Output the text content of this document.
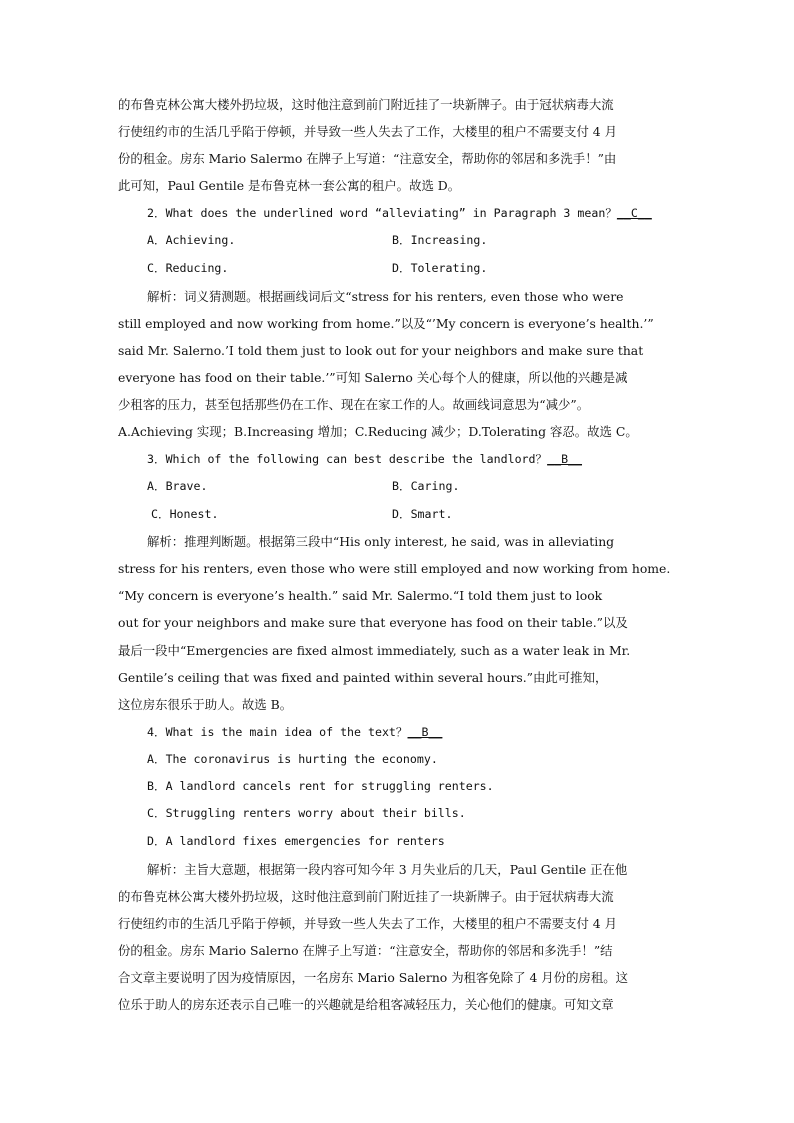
的布鲁克林公寓大楼外扔垃圾，这时他注意到前门附近挂了一块新牌子。由于冠状病毒大流
行使纽约市的生活几乎陷于停顿，并导致一些人失去了工作，大楼里的租户不需要支付 4 月
份的租金。房东 Mario Salermo 在牌子上写道：“注意安全，帮助你的邻居和多洗手！”由
此可知，Paul Gentile 是布鲁克林一套公寓的租户。故选 D。
2．What does the underlined word “alleviating” in Paragraph 3 mean？__C__
A．Achieving.	B．Increasing.
C．Reducing.	D．Tolerating.
解析：词义猜测题。根据画线词后文“stress for his renters, even those who were
still employed and now working from home.”以及“’My concern is everyone’s health.’”
said Mr. Salerno.’I told them just to look out for your neighbors and make sure that
everyone has food on their table.’”可知 Salerno 关心每个人的健康，所以他的兴趣是减
少租客的压力，甚至包括那些仍在工作、现在在家工作的人。故画线词意思为“减少”。
A.Achieving 实现；B.Increasing 增加；C.Reducing 减少；D.Tolerating 容忍。故选 C。
3．Which of the following can best describe the landlord？__B__
A．Brave.	B．Caring.
C．Honest.	D．Smart.
解析：推理判断题。根据第三段中“His only interest, he said, was in alleviating
stress for his renters, even those who were still employed and now working from home.
“My concern is everyone’s health.” said Mr. Salermo.“I told them just to look
out for your neighbors and make sure that everyone has food on their table.”以及
最后一段中“Emergencies are fixed almost immediately, such as a water leak in Mr.
Gentile’s ceiling that was fixed and painted within several hours.”由此可推知，
这位房东很乐于助人。故选 B。
4．What is the main idea of the text？__B__
A．The coronavirus is hurting the economy.
B．A landlord cancels rent for struggling renters.
C．Struggling renters worry about their bills.
D．A landlord fixes emergencies for renters
解析：主旨大意题，根据第一段内容可知今年 3 月失业后的几天，Paul Gentile 正在他
的布鲁克林公寓大楼外扔垃圾，这时他注意到前门附近挂了一块新牌子。由于冠状病毒大流
行使纽约市的生活几乎陷于停顿，并导致一些人失去了工作，大楼里的租户不需要支付 4 月
份的租金。房东 Mario Salerno 在牌子上写道：“注意安全，帮助你的邻居和多洗手！”结
合文章主要说明了因为疫情原因，一名房东 Mario Salerno 为租客免除了 4 月份的房租。这
位乐于助人的房东还表示自己唯一的兴趣就是给租客减轻压力，关心他们的健康。可知文章
